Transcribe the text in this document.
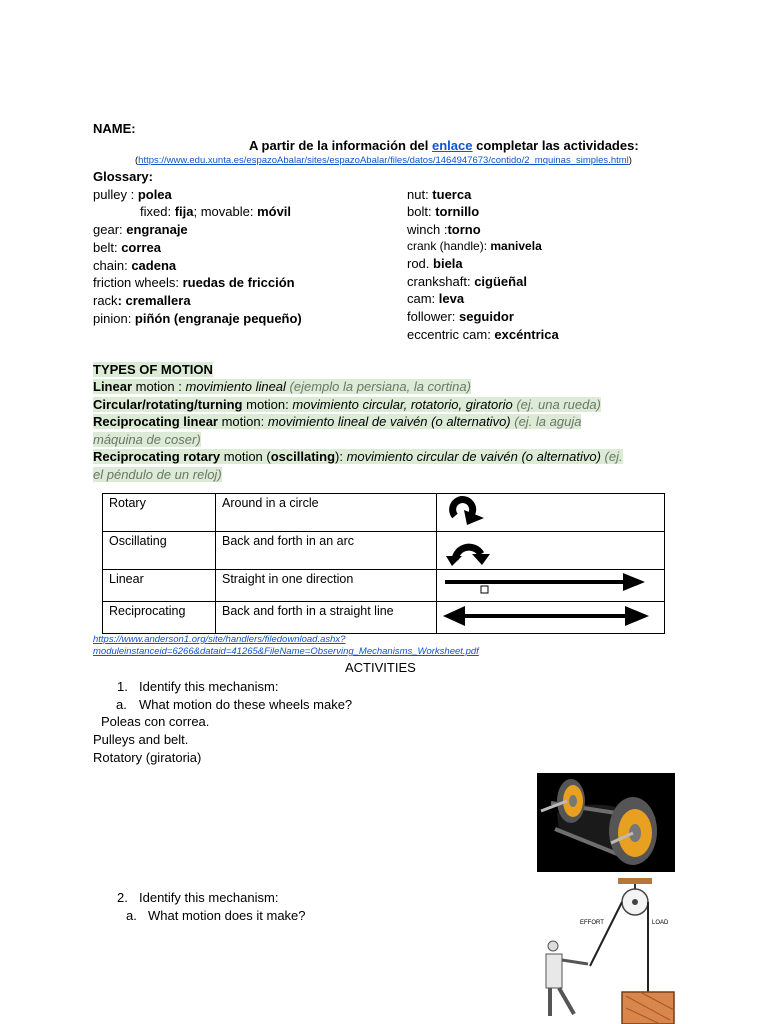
NAME:
A partir de la información del enlace completar las actividades:
(https://www.edu.xunta.es/espazoAbalar/sites/espazoAbalar/files/datos/1464947673/contido/2_mquinas_simples.html)
Glossary:
pulley : polea
fixed: fija; movable: móvil
gear: engranaje
belt: correa
chain: cadena
friction wheels: ruedas de fricción
rack: cremallera
pinion: piñón (engranaje pequeño)
nut: tuerca
bolt: tornillo
winch :torno
crank (handle): manivela
rod. biela
crankshaft: cigüeñal
cam: leva
follower: seguidor
eccentric cam: excéntrica
TYPES OF MOTION
Linear motion : movimiento lineal (ejemplo la persiana, la cortina)
Circular/rotating/turning motion: movimiento circular, rotatorio, giratorio (ej. una rueda)
Reciprocating linear motion: movimiento lineal de vaivén (o alternativo) (ej. la aguja
máquina de coser)
Reciprocating rotary motion (oscillating): movimiento circular de vaivén (o alternativo) (ej.
el péndulo de un reloj)
Rotary	Around in a circle	
Oscillating	Back and forth in an arc	
Linear	Straight in one direction	
Reciprocating	Back and forth in a straight line	
https://www.anderson1.org/site/handlers/filedownload.ashx?
moduleinstanceid=6266&dataid=41265&FileName=Observing_Mechanisms_Worksheet.pdf
ACTIVITIES
1. Identify this mechanism:
a. What motion do these wheels make?
Poleas con correa.
Pulleys and belt.
Rotatory (giratoria)
2. Identify this mechanism:
a. What motion does it make?	EFFORT	LOAD
